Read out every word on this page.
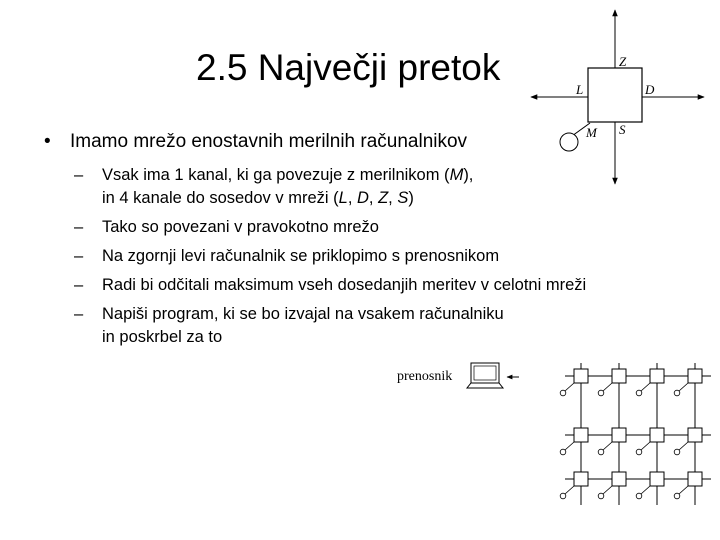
2.5 Največji pretok
• Imamo mrežo enostavnih merilnih računalnikov
– Vsak ima 1 kanal, ki ga povezuje z merilnikom (M),
in 4 kanale do sosedov v mreži (L, D, Z, S)
– Tako so povezani v pravokotno mrežo
– Na zgornji levi računalnik se priklopimo s prenosnikom
– Radi bi odčitali maksimum vseh dosedanjih meritev v celotni mreži
– Napiši program, ki se bo izvajal na vsakem računalniku
in poskrbel za to
Z
L	D
M S
prenosnik
